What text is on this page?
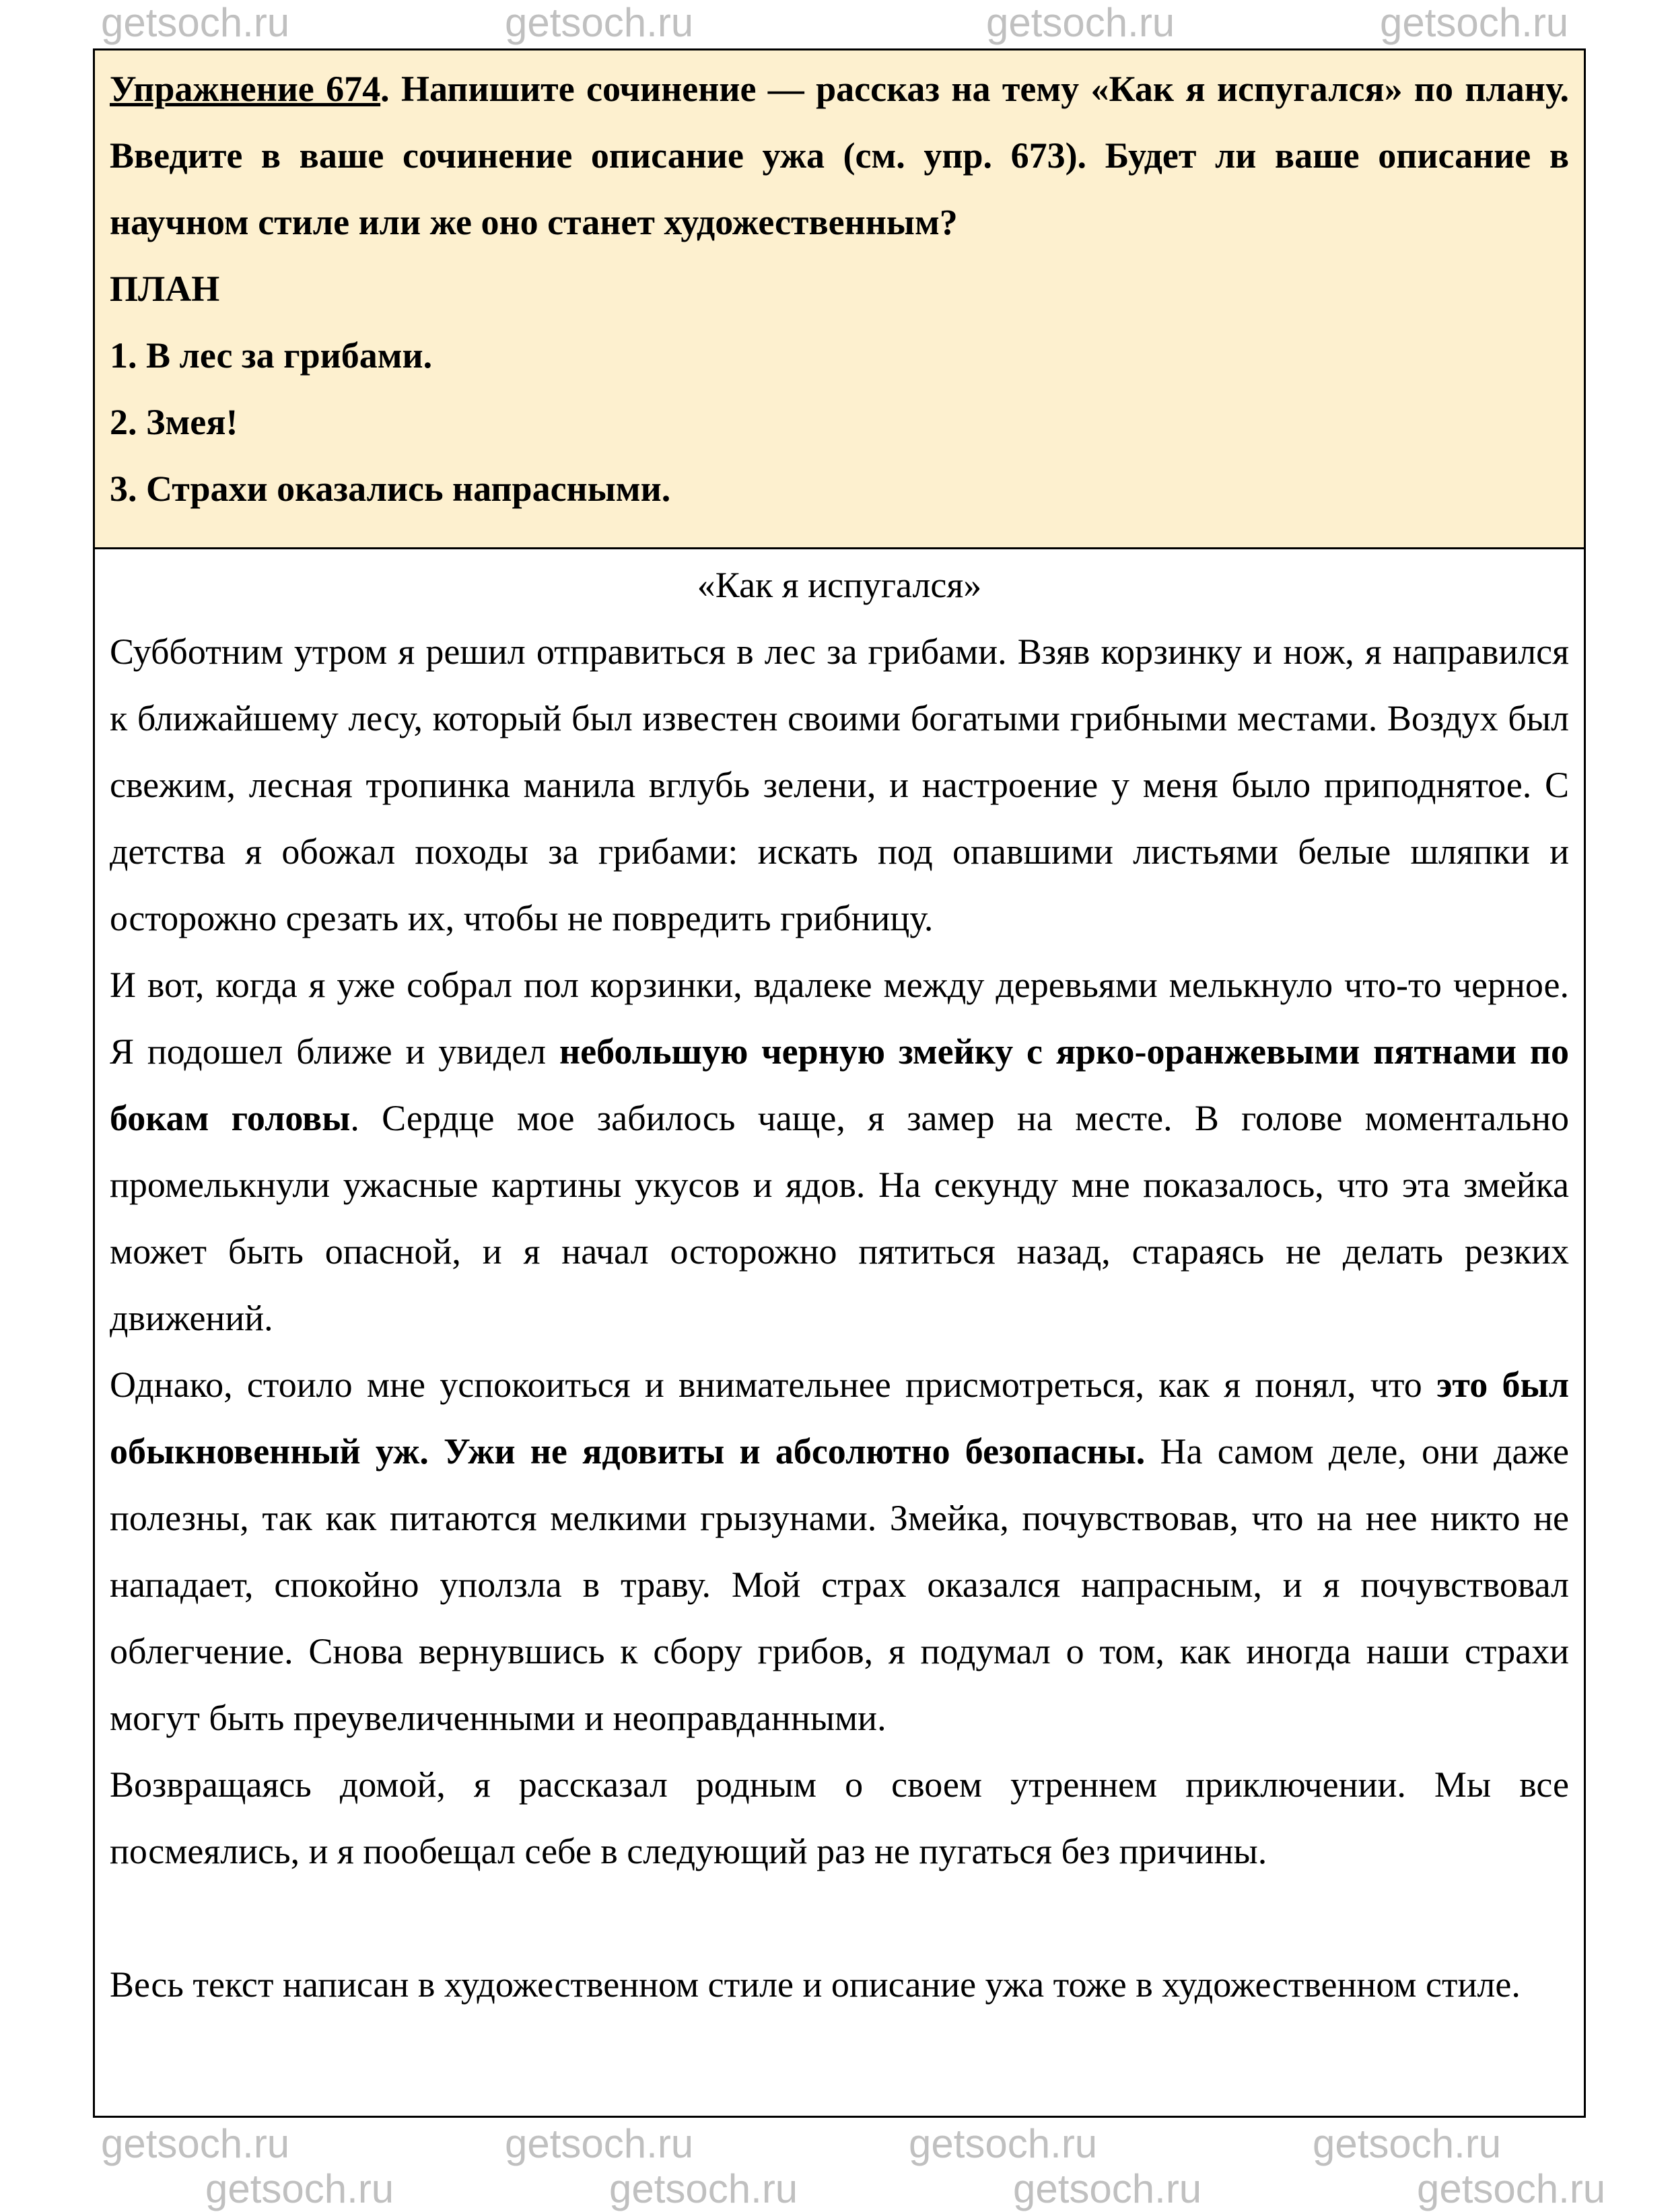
Упражнение 674. Напишите сочинение — рассказ на тему «Как я испугался» по плану. Введите в ваше сочинение описание ужа (см. упр. 673). Будет ли ваше описание в научном стиле или же оно станет художественным?

ПЛАН

1. В лес за грибами.

2. Змея!

3. Страхи оказались напрасными.

«Как я испугался»

Субботним утром я решил отправиться в лес за грибами. Взяв корзинку и нож, я направился к ближайшему лесу, который был известен своими богатыми грибными местами. Воздух был свежим, лесная тропинка манила вглубь зелени, и настроение у меня было приподнятое. С детства я обожал походы за грибами: искать под опавшими листьями белые шляпки и осторожно срезать их, чтобы не повредить грибницу.

И вот, когда я уже собрал пол корзинки, вдалеке между деревьями мелькнуло что-то черное. Я подошел ближе и увидел небольшую черную змейку с ярко-оранжевыми пятнами по бокам головы. Сердце мое забилось чаще, я замер на месте. В голове моментально промелькнули ужасные картины укусов и ядов. На секунду мне показалось, что эта змейка может быть опасной, и я начал осторожно пятиться назад, стараясь не делать резких движений.

Однако, стоило мне успокоиться и внимательнее присмотреться, как я понял, что это был обыкновенный уж. Ужи не ядовиты и абсолютно безопасны. На самом деле, они даже полезны, так как питаются мелкими грызунами. Змейка, почувствовав, что на нее никто не нападает, спокойно уползла в траву. Мой страх оказался напрасным, и я почувствовал облегчение. Снова вернувшись к сбору грибов, я подумал о том, как иногда наши страхи могут быть преувеличенными и неоправданными.

Возвращаясь домой, я рассказал родным о своем утреннем приключении. Мы все посмеялись, и я пообещал себе в следующий раз не пугаться без причины.

Весь текст написан в художественном стиле и описание ужа тоже в художественном стиле.

getsoch.ru	getsoch.ru	getsoch.ru	getsoch.ru
getsoch.ru	getsoch.ru	getsoch.ru	getsoch.ru
getsoch.ru	getsoch.ru	getsoch.ru	getsoch.ru
